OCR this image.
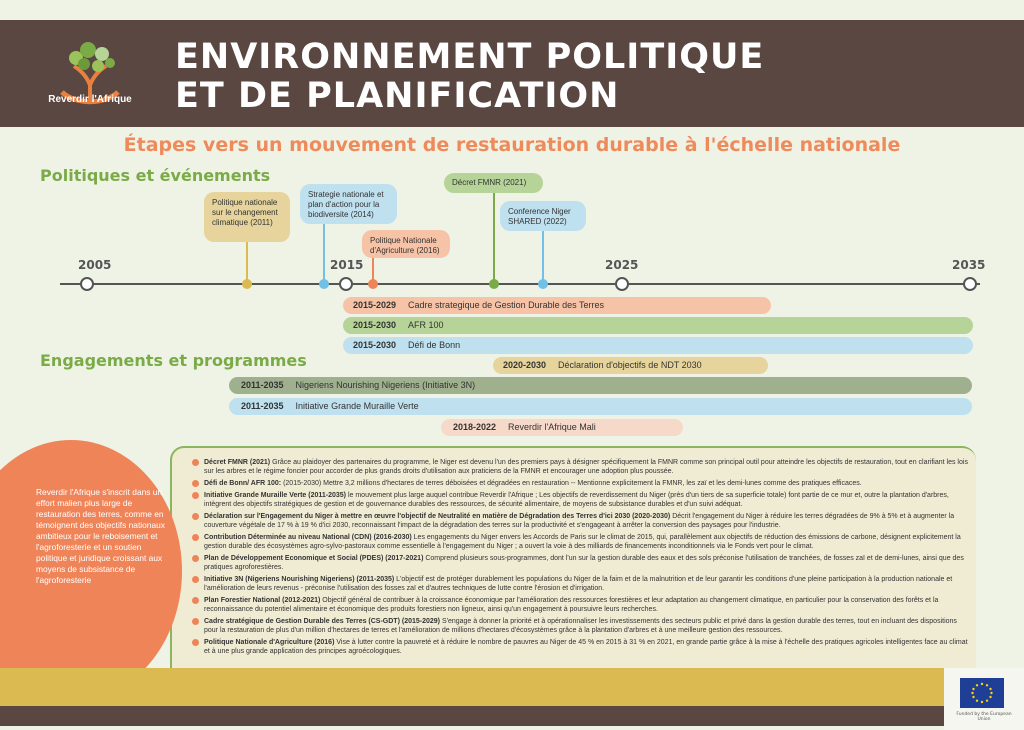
Reverdir l'Afrique
ENVIRONNEMENT POLITIQUE
ET DE PLANIFICATION
Étapes vers un mouvement de restauration durable à l'échelle nationale
Politiques et événements
2005	2015	2025	2035
Politique nationale sur le changement climatique (2011)
Strategie nationale et plan d'action pour la biodiversite (2014)
Politique Nationale d'Agriculture (2016)
Décret FMNR (2021)
Conference Niger SHARED (2022)
2015-2029 Cadre strategique de Gestion Durable des Terres
2015-2030 AFR 100
2015-2030 Défi de Bonn
Engagements et programmes	2020-2030 Déclaration d'objectifs de NDT 2030
2011-2035 Nigeriens Nourishing Nigeriens (Initiative 3N)
2011-2035 Initiative Grande Muraille Verte
2018-2022 Reverdir l'Afrique Mali
Reverdir l'Afrique s'inscrit dans un effort malien plus large de restauration des terres, comme en témoignent des objectifs nationaux ambitieux pour le reboisement et l'agroforesterie et un soutien politique et juridique croissant aux moyens de subsistance de l'agroforesterie
Décret FMNR (2021) Grâce au plaidoyer des partenaires du programme, le Niger est devenu l'un des premiers pays à désigner spécifiquement la FMNR comme son principal outil pour atteindre les objectifs de restauration, tout en clarifiant les lois sur les arbres et le régime foncier pour accorder de plus grands droits d'utilisation aux praticiens de la FMNR et encourager une adoption plus poussée.
Défi de Bonn/ AFR 100: (2015-2030) Mettre 3,2 millions d'hectares de terres déboisées et dégradées en restauration -- Mentionne explicitement la FMNR, les zaï et les demi-lunes comme des pratiques efficaces.
Initiative Grande Muraille Verte (2011-2035) le mouvement plus large auquel contribue Reverdir l'Afrique ; Les objectifs de reverdissement du Niger (près d'un tiers de sa superficie totale) font partie de ce mur et, outre la plantation d'arbres, intègrent des objectifs stratégiques de gestion et de gouvernance durables des ressources, de sécurité alimentaire, de moyens de subsistance durables et d'un suivi adéquat.
Déclaration sur l'Engagement du Niger à mettre en œuvre l'objectif de Neutralité en matière de Dégradation des Terres d'ici 2030 (2020-2030) Décrit l'engagement du Niger à réduire les terres dégradées de 9% à 5% et à augmenter la couverture végétale de 17 % à 19 % d'ici 2030, reconnaissant l'impact de la dégradation des terres sur la productivité et s'engageant à arrêter la conversion des paysages pour l'industrie.
Contribution Déterminée au niveau National (CDN) (2016-2030) Les engagements du Niger envers les Accords de Paris sur le climat de 2015, qui, parallèlement aux objectifs de réduction des émissions de carbone, désignent explicitement la gestion durable des écosystèmes agro-sylvo-pastoraux comme essentielle à l'engagement du Niger ; a ouvert la voie à des milliards de financements inconditionnels via le Fonds vert pour le climat.
Plan de Développement Economique et Social (PDES) (2017-2021) Comprend plusieurs sous-programmes, dont l'un sur la gestion durable des eaux et des sols préconise l'utilisation de tranchées, de fosses zaï et de demi-lunes, ainsi que des pratiques agroforestières.
Initiative 3N (Nigeriens Nourishing Nigeriens) (2011-2035) L'objectif est de protéger durablement les populations du Niger de la faim et de la malnutrition et de leur garantir les conditions d'une pleine participation à la production nationale et l'amélioration de leurs revenus - préconise l'utilisation des fosses zaï et d'autres techniques de lutte contre l'érosion et d'irrigation.
Plan Forestier National (2012-2021) Objectif général de contribuer à la croissance économique par l'amélioration des ressources forestières et leur adaptation au changement climatique, en particulier pour la conservation des forêts et la reconnaissance du potentiel alimentaire et économique des produits forestiers non ligneux, ainsi qu'un engagement à poursuivre leurs recherches.
Cadre stratégique de Gestion Durable des Terres (CS-GDT) (2015-2029) S'engage à donner la priorité et à opérationnaliser les investissements des secteurs public et privé dans la gestion durable des terres, tout en incluant des dispositions pour la restauration de plus d'un million d'hectares de terres et l'amélioration de millions d'hectares d'écosystèmes grâce à la plantation d'arbres et à une meilleure gestion des ressources.
Politique Nationale d'Agriculture (2016) Vise à lutter contre la pauvreté et à réduire le nombre de pauvres au Niger de 45 % en 2015 à 31 % en 2021, en grande partie grâce à la mise à l'échelle des pratiques agricoles intelligentes face au climat et à une plus grande application des principes agroécologiques.
Funded by the European Union
